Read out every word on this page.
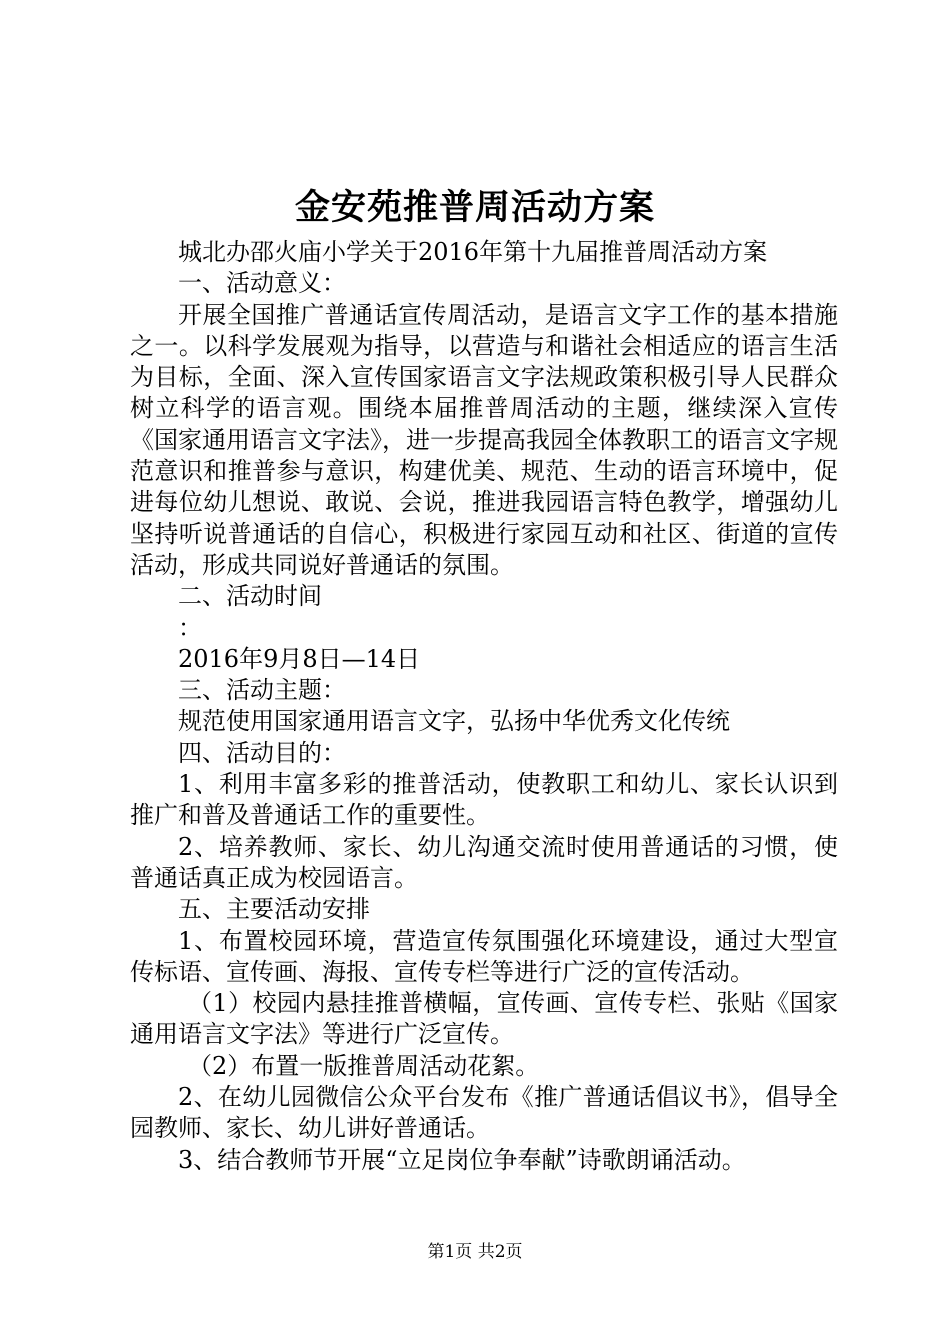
金安苑推普周活动方案

城北办邵火庙小学关于2016年第十九届推普周活动方案

一、活动意义：

开展全国推广普通话宣传周活动，是语言文字工作的基本措施之一。以科学发展观为指导，以营造与和谐社会相适应的语言生活为目标，全面、深入宣传国家语言文字法规政策积极引导人民群众树立科学的语言观。围绕本届推普周活动的主题，继续深入宣传《国家通用语言文字法》，进一步提高我园全体教职工的语言文字规范意识和推普参与意识，构建优美、规范、生动的语言环境中，促进每位幼儿想说、敢说、会说，推进我园语言特色教学，增强幼儿坚持听说普通话的自信心，积极进行家园互动和社区、街道的宣传活动，形成共同说好普通话的氛围。

二、活动时间

：

2016年9月8日—14日

三、活动主题：

规范使用国家通用语言文字，弘扬中华优秀文化传统

四、活动目的：

1、利用丰富多彩的推普活动，使教职工和幼儿、家长认识到推广和普及普通话工作的重要性。

2、培养教师、家长、幼儿沟通交流时使用普通话的习惯，使普通话真正成为校园语言。

五、主要活动安排

1、布置校园环境，营造宣传氛围强化环境建设，通过大型宣传标语、宣传画、海报、宣传专栏等进行广泛的宣传活动。

（1）校园内悬挂推普横幅，宣传画、宣传专栏、张贴《国家通用语言文字法》等进行广泛宣传。

（2）布置一版推普周活动花絮。

2、在幼儿园微信公众平台发布《推广普通话倡议书》，倡导全园教师、家长、幼儿讲好普通话。

3、结合教师节开展“立足岗位争奉献”诗歌朗诵活动。

第1页 共2页
